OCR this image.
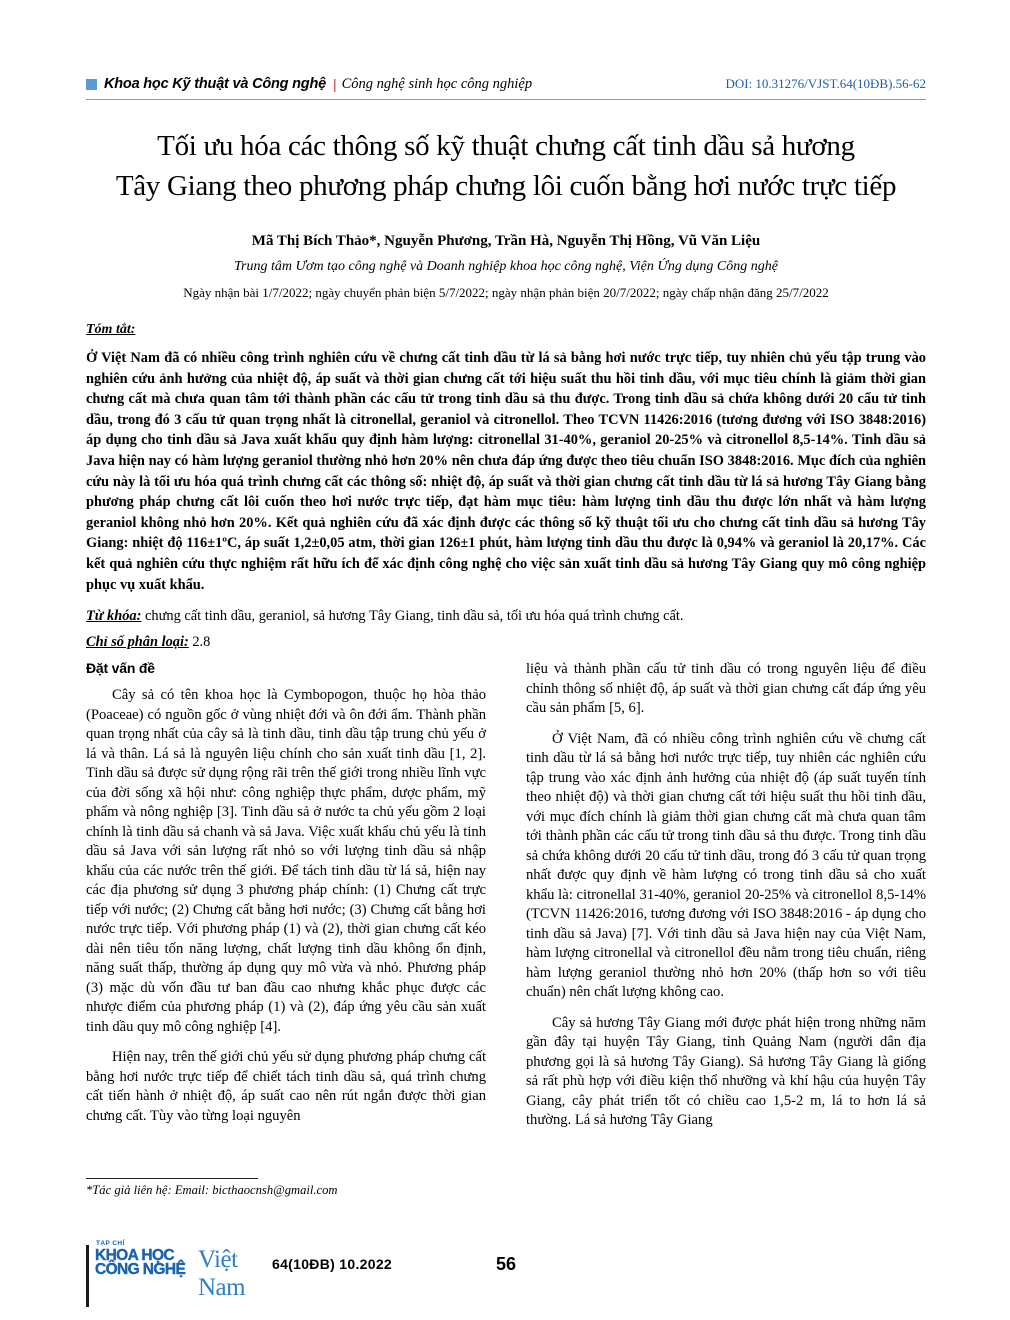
Khoa học Kỹ thuật và Công nghệ | Công nghệ sinh học công nghiệp	DOI: 10.31276/VJST.64(10ĐB).56-62
Tối ưu hóa các thông số kỹ thuật chưng cất tinh dầu sả hương
Tây Giang theo phương pháp chưng lôi cuốn bằng hơi nước trực tiếp
Mã Thị Bích Thảo*, Nguyễn Phương, Trần Hà, Nguyễn Thị Hồng, Vũ Văn Liệu
Trung tâm Ươm tạo công nghệ và Doanh nghiệp khoa học công nghệ, Viện Ứng dụng Công nghệ
Ngày nhận bài 1/7/2022; ngày chuyển phản biện 5/7/2022; ngày nhận phản biện 20/7/2022; ngày chấp nhận đăng 25/7/2022
Tóm tắt:
Ở Việt Nam đã có nhiều công trình nghiên cứu về chưng cất tinh dầu từ lá sả bằng hơi nước trực tiếp, tuy nhiên chủ yếu tập trung vào nghiên cứu ảnh hưởng của nhiệt độ, áp suất và thời gian chưng cất tới hiệu suất thu hồi tinh dầu, với mục tiêu chính là giảm thời gian chưng cất mà chưa quan tâm tới thành phần các cấu tử trong tinh dầu sả thu được. Trong tinh dầu sả chứa không dưới 20 cấu tử tinh dầu, trong đó 3 cấu tử quan trọng nhất là citronellal, geraniol và citronellol. Theo TCVN 11426:2016 (tương đương với ISO 3848:2016) áp dụng cho tinh dầu sả Java xuất khẩu quy định hàm lượng: citronellal 31-40%, geraniol 20-25% và citronellol 8,5-14%. Tinh dầu sả Java hiện nay có hàm lượng geraniol thường nhỏ hơn 20% nên chưa đáp ứng được theo tiêu chuẩn ISO 3848:2016. Mục đích của nghiên cứu này là tối ưu hóa quá trình chưng cất các thông số: nhiệt độ, áp suất và thời gian chưng cất tinh dầu từ lá sả hương Tây Giang bằng phương pháp chưng cất lôi cuốn theo hơi nước trực tiếp, đạt hàm mục tiêu: hàm lượng tinh dầu thu được lớn nhất và hàm lượng geraniol không nhỏ hơn 20%. Kết quả nghiên cứu đã xác định được các thông số kỹ thuật tối ưu cho chưng cất tinh dầu sả hương Tây Giang: nhiệt độ 116±1ºC, áp suất 1,2±0,05 atm, thời gian 126±1 phút, hàm lượng tinh dầu thu được là 0,94% và geraniol là 20,17%. Các kết quả nghiên cứu thực nghiệm rất hữu ích để xác định công nghệ cho việc sản xuất tinh dầu sả hương Tây Giang quy mô công nghiệp phục vụ xuất khẩu.
Từ khóa: chưng cất tinh dầu, geraniol, sả hương Tây Giang, tinh dầu sả, tối ưu hóa quá trình chưng cất.
Chỉ số phân loại: 2.8
Đặt vấn đề

Cây sả có tên khoa học là Cymbopogon, thuộc họ hòa thảo (Poaceae) có nguồn gốc ở vùng nhiệt đới và ôn đới ẩm. Thành phần quan trọng nhất của cây sả là tinh dầu, tinh dầu tập trung chủ yếu ở lá và thân. Lá sả là nguyên liệu chính cho sản xuất tinh dầu [1, 2]. Tinh dầu sả được sử dụng rộng rãi trên thế giới trong nhiều lĩnh vực của đời sống xã hội như: công nghiệp thực phẩm, dược phẩm, mỹ phẩm và nông nghiệp [3]. Tinh dầu sả ở nước ta chủ yếu gồm 2 loại chính là tinh dầu sả chanh và sả Java. Việc xuất khẩu chủ yếu là tinh dầu sả Java với sản lượng rất nhỏ so với lượng tinh dầu sả nhập khẩu của các nước trên thế giới. Để tách tinh dầu từ lá sả, hiện nay các địa phương sử dụng 3 phương pháp chính: (1) Chưng cất trực tiếp với nước; (2) Chưng cất bằng hơi nước; (3) Chưng cất bằng hơi nước trực tiếp. Với phương pháp (1) và (2), thời gian chưng cất kéo dài nên tiêu tốn năng lượng, chất lượng tinh dầu không ổn định, năng suất thấp, thường áp dụng quy mô vừa và nhỏ. Phương pháp (3) mặc dù vốn đầu tư ban đầu cao nhưng khắc phục được các nhược điểm của phương pháp (1) và (2), đáp ứng yêu cầu sản xuất tinh dầu quy mô công nghiệp [4].

Hiện nay, trên thế giới chủ yếu sử dụng phương pháp chưng cất bằng hơi nước trực tiếp để chiết tách tinh dầu sả, quá trình chưng cất tiến hành ở nhiệt độ, áp suất cao nên rút ngắn được thời gian chưng cất. Tùy vào từng loại nguyên

liệu và thành phần cấu tử tinh dầu có trong nguyên liệu để điều chỉnh thông số nhiệt độ, áp suất và thời gian chưng cất đáp ứng yêu cầu sản phẩm [5, 6].

Ở Việt Nam, đã có nhiều công trình nghiên cứu về chưng cất tinh dầu từ lá sả bằng hơi nước trực tiếp, tuy nhiên các nghiên cứu tập trung vào xác định ảnh hưởng của nhiệt độ (áp suất tuyến tính theo nhiệt độ) và thời gian chưng cất tới hiệu suất thu hồi tinh dầu, với mục đích chính là giảm thời gian chưng cất mà chưa quan tâm tới thành phần các cấu tử trong tinh dầu sả thu được. Trong tinh dầu sả chứa không dưới 20 cấu tử tinh dầu, trong đó 3 cấu tử quan trọng nhất được quy định về hàm lượng có trong tinh dầu sả cho xuất khẩu là: citronellal 31-40%, geraniol 20-25% và citronellol 8,5-14% (TCVN 11426:2016, tương đương với ISO 3848:2016 - áp dụng cho tinh dầu sả Java) [7]. Với tinh dầu sả Java hiện nay của Việt Nam, hàm lượng citronellal và citronellol đều nằm trong tiêu chuẩn, riêng hàm lượng geraniol thường nhỏ hơn 20% (thấp hơn so với tiêu chuẩn) nên chất lượng không cao.

Cây sả hương Tây Giang mới được phát hiện trong những năm gần đây tại huyện Tây Giang, tỉnh Quảng Nam (người dân địa phương gọi là sả hương Tây Giang). Sả hương Tây Giang là giống sả rất phù hợp với điều kiện thổ nhưỡng và khí hậu của huyện Tây Giang, cây phát triển tốt có chiều cao 1,5-2 m, lá to hơn lá sả thường. Lá sả hương Tây Giang

*Tác giả liên hệ: Email: bicthaocnsh@gmail.com
TẠP CHÍ
KHOA HỌC
CÔNG NGHỆ Việt Nam
64(10ĐB) 10.2022	56
